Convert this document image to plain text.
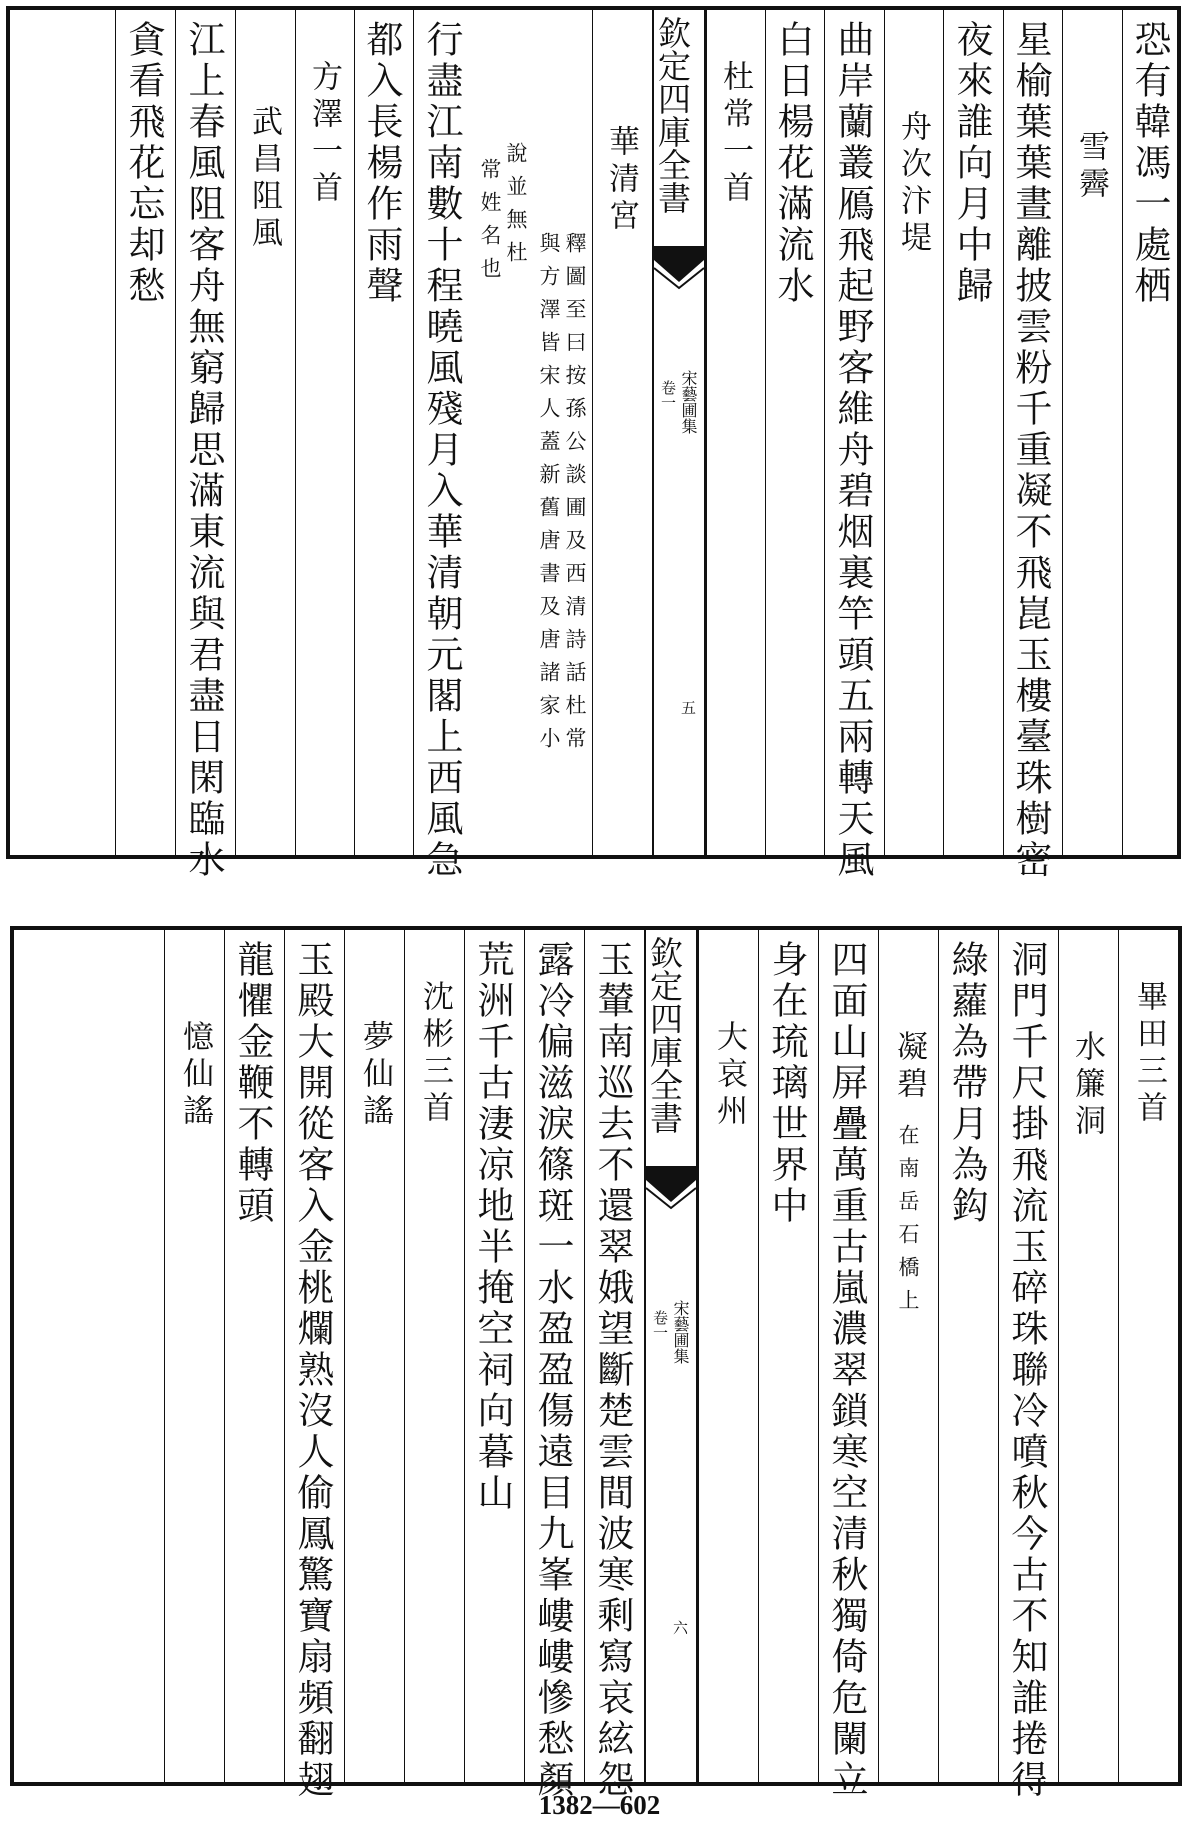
恐有韓馮一處栖
雪霽
星榆葉葉晝離披雲粉千重凝不飛崑玉樓臺珠樹密
夜來誰向月中歸
舟次汴堤
曲岸蘭叢鴈飛起野客維舟碧烟裏竿頭五兩轉天風
白日楊花滿流水
杜常一首
欽定四庫全書
宋藝圃集
卷一
五
華清宮
釋圖至曰按孫公談圃及西清詩話杜常
與方澤皆宋人蓋新舊唐書及唐諸家小
說並無杜
常姓名也
行盡江南數十程曉風殘月入華清朝元閣上西風急
都入長楊作雨聲
方澤一首
武昌阻風
江上春風阻客舟無窮歸思滿東流與君盡日閑臨水
貪看飛花忘却愁
畢田三首
水簾洞
洞門千尺掛飛流玉碎珠聯冷噴秋今古不知誰捲得
綠蘿為帶月為鈎
凝碧
在南岳石橋上
四面山屏疊萬重古嵐濃翠鎖寒空清秋獨倚危闌立
身在琉璃世界中
大哀州
欽定四庫全書
宋藝圃集
卷一
六
玉輦南巡去不還翠娥望斷楚雲間波寒剩寫哀絃怨
露冷偏滋淚篠斑一水盈盈傷遠目九峯嶁嶁慘愁顏
荒洲千古淒凉地半掩空祠向暮山
沈彬三首
夢仙謠
玉殿大開從客入金桃爛熟沒人偷鳳驚寶扇頻翻翅
龍懼金鞭不轉頭
憶仙謠
1382—602
